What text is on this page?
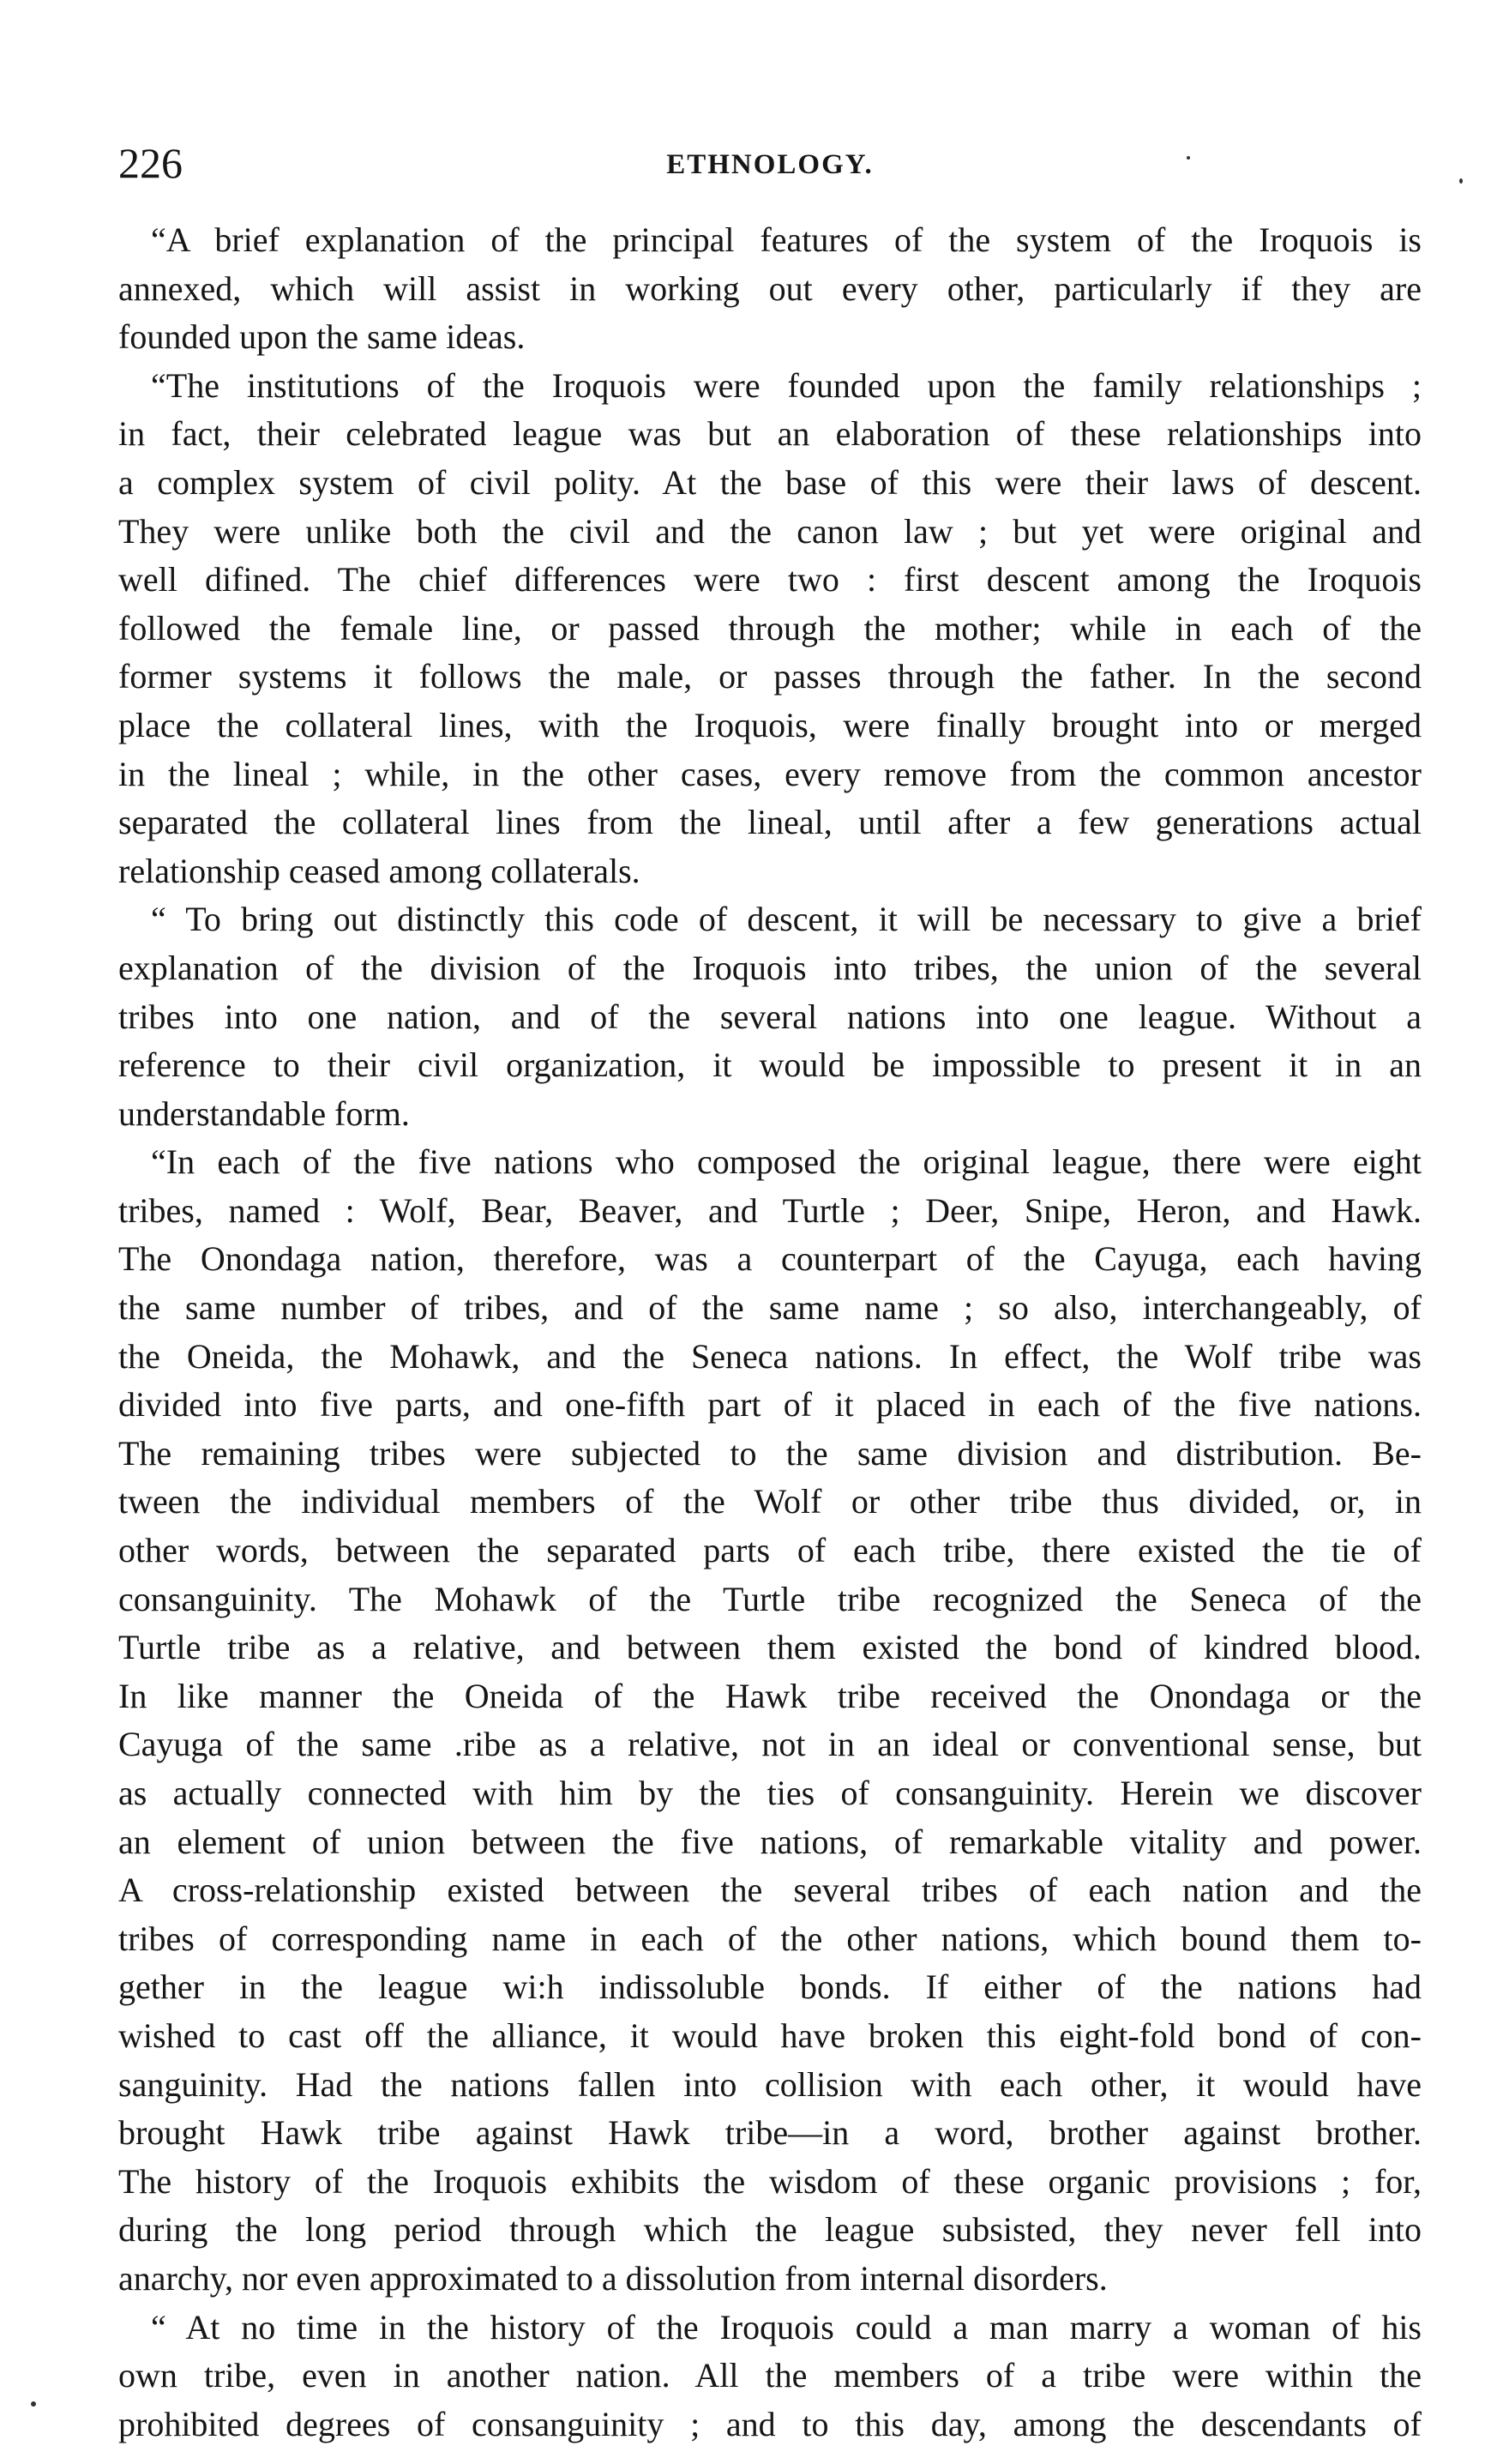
226	ETHNOLOGY.
“A brief explanation of the principal features of the system of the Iroquois is
annexed, which will assist in working out every other, particularly if they are
founded upon the same ideas.
“The institutions of the Iroquois were founded upon the family relationships ;
in fact, their celebrated league was but an elaboration of these relationships into
a complex system of civil polity. At the base of this were their laws of descent.
They were unlike both the civil and the canon law ; but yet were original and
well difined. The chief differences were two : first descent among the Iroquois
followed the female line, or passed through the mother; while in each of the
former systems it follows the male, or passes through the father. In the second
place the collateral lines, with the Iroquois, were finally brought into or merged
in the lineal ; while, in the other cases, every remove from the common ancestor
separated the collateral lines from the lineal, until after a few generations actual
relationship ceased among collaterals.
“ To bring out distinctly this code of descent, it will be necessary to give a brief
explanation of the division of the Iroquois into tribes, the union of the several
tribes into one nation, and of the several nations into one league. Without a
reference to their civil organization, it would be impossible to present it in an
understandable form.
“In each of the five nations who composed the original league, there were eight
tribes, named : Wolf, Bear, Beaver, and Turtle ; Deer, Snipe, Heron, and Hawk.
The Onondaga nation, therefore, was a counterpart of the Cayuga, each having
the same number of tribes, and of the same name ; so also, interchangeably, of
the Oneida, the Mohawk, and the Seneca nations. In effect, the Wolf tribe was
divided into five parts, and one-fifth part of it placed in each of the five nations.
The remaining tribes were subjected to the same division and distribution. Be-
tween the individual members of the Wolf or other tribe thus divided, or, in
other words, between the separated parts of each tribe, there existed the tie of
consanguinity. The Mohawk of the Turtle tribe recognized the Seneca of the
Turtle tribe as a relative, and between them existed the bond of kindred blood.
In like manner the Oneida of the Hawk tribe received the Onondaga or the
Cayuga of the same .ribe as a relative, not in an ideal or conventional sense, but
as actually connected with him by the ties of consanguinity. Herein we discover
an element of union between the five nations, of remarkable vitality and power.
A cross-relationship existed between the several tribes of each nation and the
tribes of corresponding name in each of the other nations, which bound them to-
gether in the league wi:h indissoluble bonds. If either of the nations had
wished to cast off the alliance, it would have broken this eight-fold bond of con-
sanguinity. Had the nations fallen into collision with each other, it would have
brought Hawk tribe against Hawk tribe—in a word, brother against brother.
The history of the Iroquois exhibits the wisdom of these organic provisions ; for,
during the long period through which the league subsisted, they never fell into
anarchy, nor even approximated to a dissolution from internal disorders.
“ At no time in the history of the Iroquois could a man marry a woman of his
own tribe, even in another nation. All the members of a tribe were within the
prohibited degrees of consanguinity ; and to this day, among the descendants of
